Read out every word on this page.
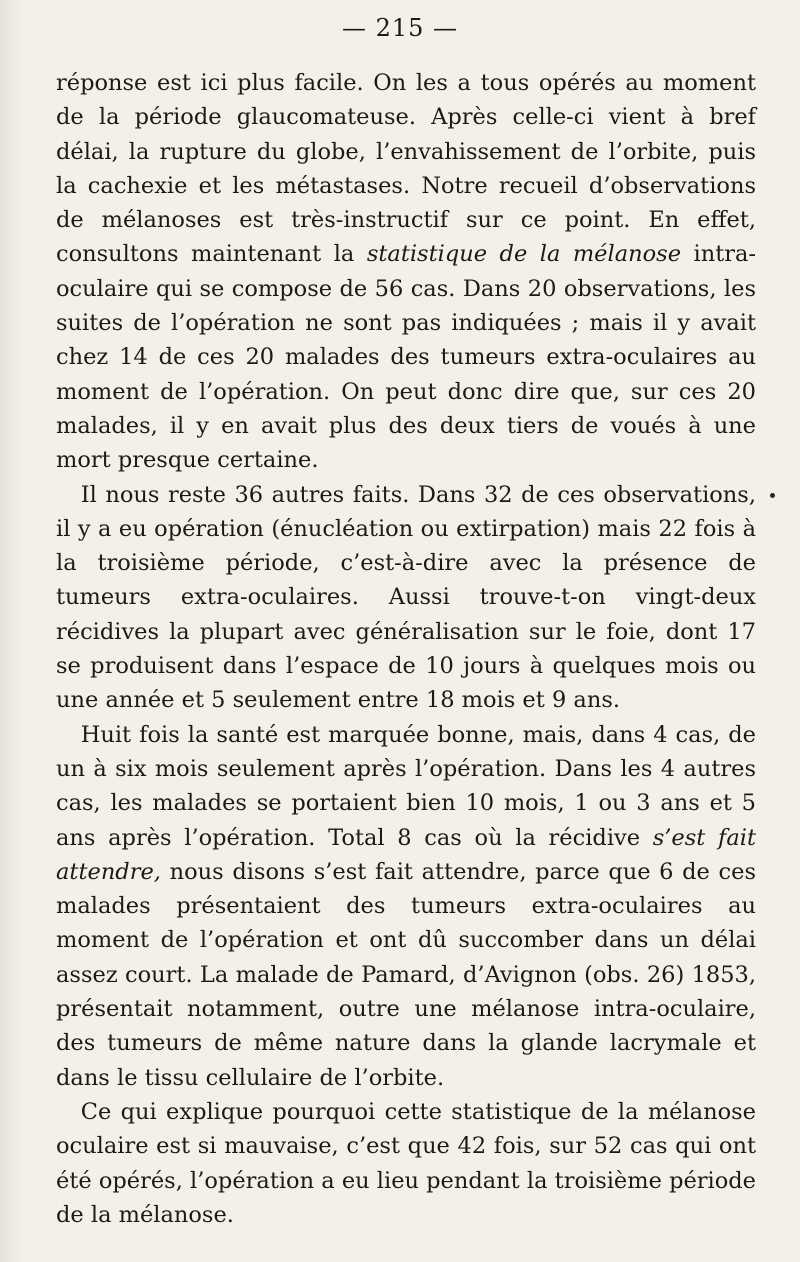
— 215 —

réponse est ici plus facile. On les a tous opérés au moment de la période glaucomateuse. Après celle-ci vient à bref délai, la rupture du globe, l’envahissement de l’orbite, puis la cachexie et les métastases. Notre recueil d’observations de mélanoses est très-instructif sur ce point. En effet, consultons maintenant la statistique de la mélanose intra-oculaire qui se compose de 56 cas. Dans 20 observations, les suites de l’opération ne sont pas indiquées ; mais il y avait chez 14 de ces 20 malades des tumeurs extra-oculaires au moment de l’opération. On peut donc dire que, sur ces 20 malades, il y en avait plus des deux tiers de voués à une mort presque certaine.

Il nous reste 36 autres faits. Dans 32 de ces observations, il y a eu opération (énucléation ou extirpation) mais 22 fois à la troisième période, c’est-à-dire avec la présence de tumeurs extra-oculaires. Aussi trouve-t-on vingt-deux récidives la plupart avec généralisation sur le foie, dont 17 se produisent dans l’espace de 10 jours à quelques mois ou une année et 5 seulement entre 18 mois et 9 ans.

Huit fois la santé est marquée bonne, mais, dans 4 cas, de un à six mois seulement après l’opération. Dans les 4 autres cas, les malades se portaient bien 10 mois, 1 ou 3 ans et 5 ans après l’opération. Total 8 cas où la récidive s’est fait attendre, nous disons s’est fait attendre, parce que 6 de ces malades présentaient des tumeurs extra-oculaires au moment de l’opération et ont dû succomber dans un délai assez court. La malade de Pamard, d’Avignon (obs. 26) 1853, présentait notamment, outre une mélanose intra-oculaire, des tumeurs de même nature dans la glande lacrymale et dans le tissu cellulaire de l’orbite.

Ce qui explique pourquoi cette statistique de la mélanose oculaire est si mauvaise, c’est que 42 fois, sur 52 cas qui ont été opérés, l’opération a eu lieu pendant la troisième période de la mélanose.
